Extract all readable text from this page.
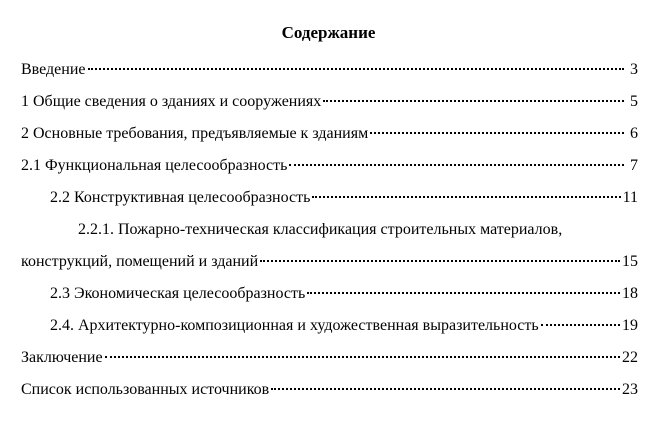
Содержание
Введение	3
1 Общие сведения о зданиях и сооружениях	5
2 Основные требования, предъявляемые к зданиям	6
2.1 Функциональная целесообразность	7
2.2 Конструктивная целесообразность	11
2.2.1. Пожарно-техническая классификация строительных материалов,
конструкций, помещений и зданий	15
2.3 Экономическая целесообразность	18
2.4. Архитектурно-композиционная и художественная выразительность	19
Заключение	22
Список использованных источников	23
